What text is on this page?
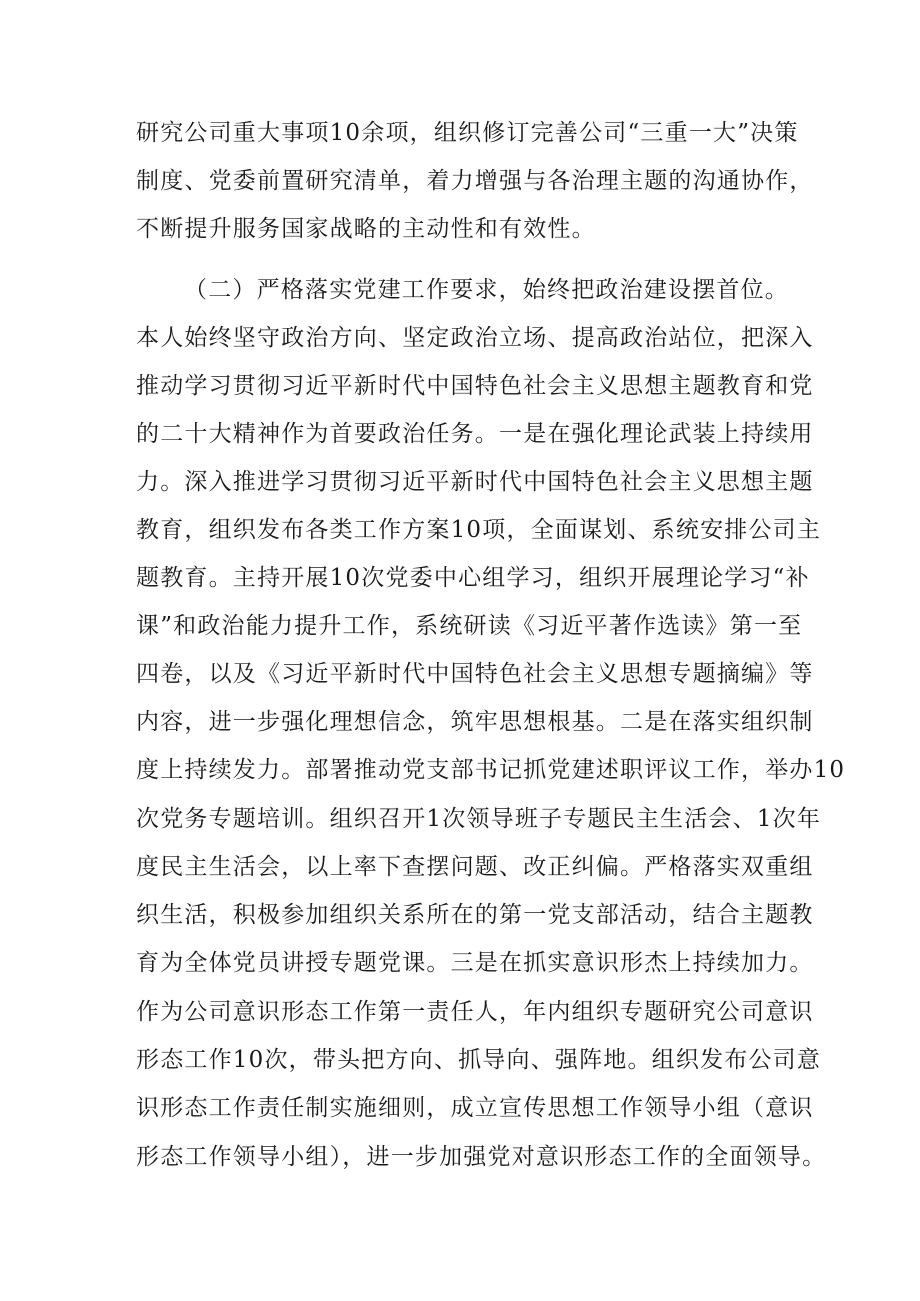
研究公司重大事项10余项，组织修订完善公司“三重一大”决策
制度、党委前置研究清单，着力增强与各治理主题的沟通协作，
不断提升服务国家战略的主动性和有效性。
（二）严格落实党建工作要求，始终把政治建设摆首位。
本人始终坚守政治方向、坚定政治立场、提高政治站位，把深入
推动学习贯彻习近平新时代中国特色社会主义思想主题教育和党
的二十大精神作为首要政治任务。一是在强化理论武装上持续用
力。深入推进学习贯彻习近平新时代中国特色社会主义思想主题
教育，组织发布各类工作方案10项，全面谋划、系统安排公司主
题教育。主持开展10次党委中心组学习，组织开展理论学习“补
课”和政治能力提升工作，系统研读《习近平著作选读》第一至
四卷，以及《习近平新时代中国特色社会主义思想专题摘编》等
内容，进一步强化理想信念，筑牢思想根基。二是在落实组织制
度上持续发力。部署推动党支部书记抓党建述职评议工作，举办10
次党务专题培训。组织召开1次领导班子专题民主生活会、1次年
度民主生活会，以上率下查摆问题、改正纠偏。严格落实双重组
织生活，积极参加组织关系所在的第一党支部活动，结合主题教
育为全体党员讲授专题党课。三是在抓实意识形杰上持续加力。
作为公司意识形态工作第一责任人，年内组织专题研究公司意识
形态工作10次，带头把方向、抓导向、强阵地。组织发布公司意
识形态工作责任制实施细则，成立宣传思想工作领导小组（意识
形态工作领导小组），进一步加强党对意识形态工作的全面领导。
